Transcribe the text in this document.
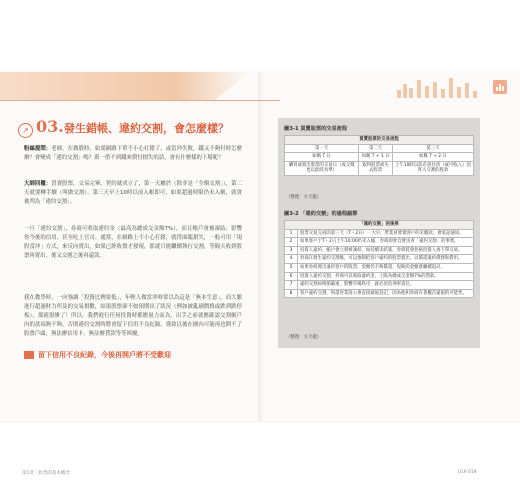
↗ 03. 發生錯帳、違約交割，會怎麼樣？
粉絲提問：老師，在做股時，如果網路下單不小心打錯了，或當沖失敗，錢又不夠付時怎麼辦？會變成「違約交割」嗎？萬一借不到錢來償付損失的話，會有什麼樣的下場呢？
大師回覆：買賣股票，交易完畢，契約就成立了，第一天屬於（除非是「全額交割」），第二天就要轉手續（叫做交割），第三天早上10時以前入帳即可，如果超過時限仍未入帳，就會被判為「違約交割」。
一旦「違約交割」，券商可收取違約金（最高為總成交金額7%），而且帳戶會被凍結，影響你今後的信用，甚至吃上官司。通常，在網路上不小心打錯，就得面臨損失，一般可用「現股當沖」方式，來反向賣出，如果已經收盤才發現，那就只能繼續執行交割，等隔天收到股票再賣出，後又交割之後再還款。
留下信用不良紀錄，今後再開戶將不受歡迎
我在教學時，一向強調「投資比例要低」，年輕人做當沖時常以為這是「無本生意」，而大膽進行超過財力所及的交易損數，結果股票卻不如預期出了狀況（例如被亂刷價格或跌到跌停板），那就很慘了！所以，我們進行任何投資時都應量力而為，出手之前就應確認交割帳戶內的款項夠不夠，否則違約交割時將會留下信用不良紀錄，導致以後在國內可能再也開不了股票戶頭，無法辦信用卡，無法辦貸款等等困擾。
第1章｜股票的基本概念	019 019
圖3-1 買賣股票的交易流程
買賣股票的交易流程		
第一天	第二天	第三天
如稱 T 日	如稱 T + 1 日	如稱 T + 2 日
購買或賣出股票的交易日（成交價也以此時為準）	取得股票或失去股票	上午10時以前必須付清（或可收入）因買入交割的股款
（整理：方天龍）
圖3-2 「違約交割」的過程細節
「違約交割」的後果	
1	股票交易完成的第三天（T＋2日）一大早，營業員發覺客戶的未繳款，會電話通知。
2	如果客戶于T＋2日上午10:00仍未入帳，券商即會自發送寄「違約交割」的事實。
3	投資人違約，帳戶會立刻被凍結，如持續未結案，券商將會拒絕投資人再下單交易。
4	券商在發生違約交割後，可以強制把客戶違約的股票賣出，以償還違約債務和費用。
5	如果券商賣出違約客戶的股票，金額仍不夠償還，短缺的金額會繼續追討。
6	投資人違約交割，券商可以收取違約金，上限為總成交金額7%的罰款。
7	違約交割如情節嚴重，影響市場秩序，就必須負刑事責任。
8	客戶違約交割，和證券業商公會直接通報登記，因為他和券商有著權首違規的可能性。
（整理：方天龍）
